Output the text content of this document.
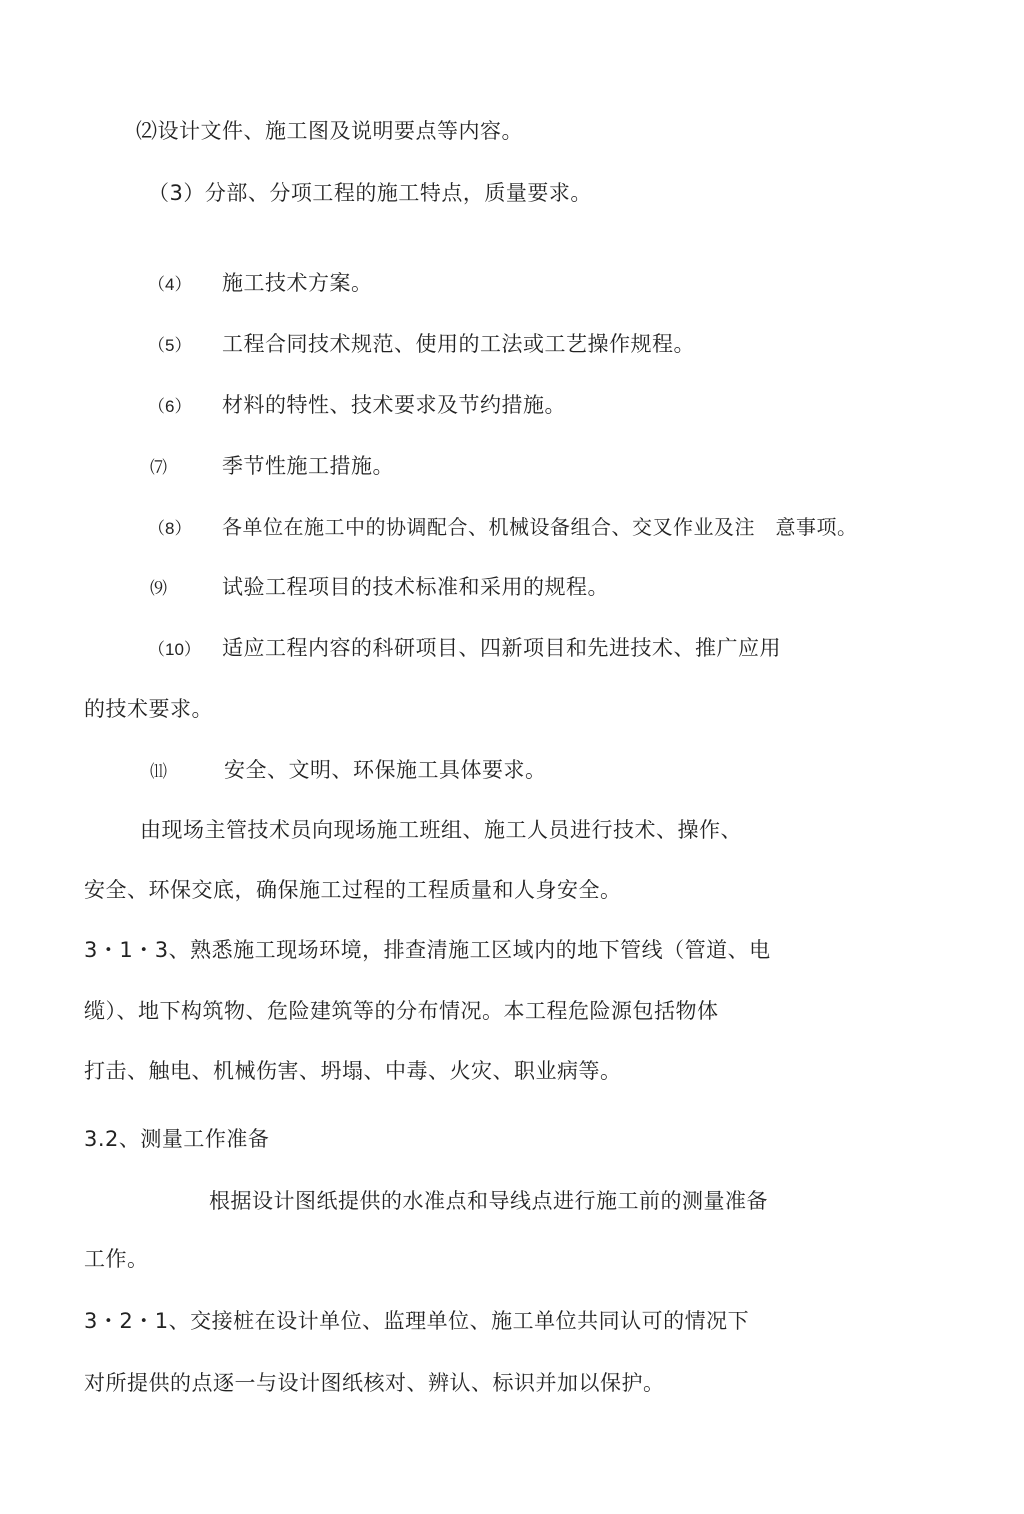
⑵设计文件、施工图及说明要点等内容。
（3）分部、分项工程的施工特点，质量要求。
（4） 施工技术方案。
（5） 工程合同技术规范、使用的工法或工艺操作规程。
（6） 材料的特性、技术要求及节约措施。
⑺	季节性施工措施。
（8） 各单位在施工中的协调配合、机械设备组合、交叉作业及注　意事项。
⑼	试验工程项目的技术标准和采用的规程。
（10） 适应工程内容的科研项目、四新项目和先进技术、推广应用
的技术要求。
⑾	安全、文明、环保施工具体要求。
由现场主管技术员向现场施工班组、施工人员进行技术、操作、
安全、环保交底，确保施工过程的工程质量和人身安全。
3・1・3、熟悉施工现场环境，排查清施工区域内的地下管线（管道、电
缆）、地下构筑物、危险建筑等的分布情况。本工程危险源包括物体
打击、触电、机械伤害、坍塌、中毒、火灾、职业病等。
3.2、测量工作准备
根据设计图纸提供的水准点和导线点进行施工前的测量准备
工作。
3・2・1、交接桩在设计单位、监理单位、施工单位共同认可的情况下
对所提供的点逐一与设计图纸核对、辨认、标识并加以保护。
